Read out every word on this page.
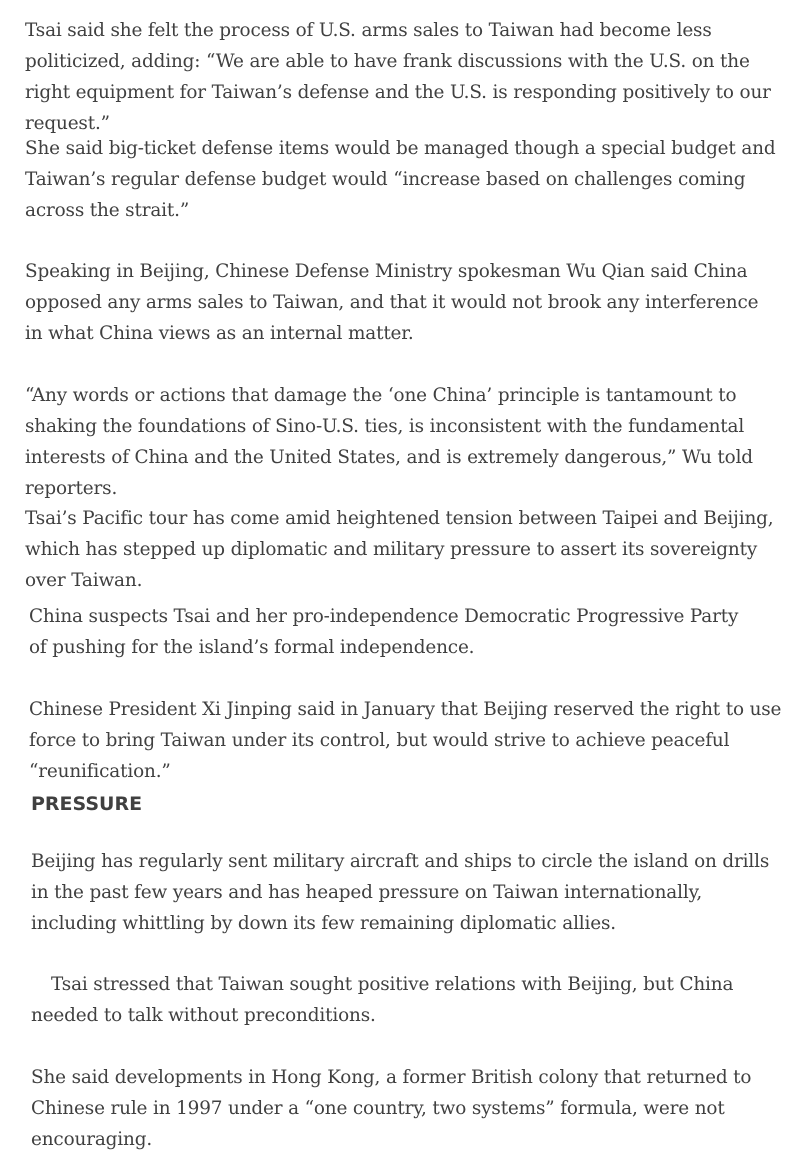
Tsai said she felt the process of U.S. arms sales to Taiwan had become less politicized, adding: “We are able to have frank discussions with the U.S. on the right equipment for Taiwan’s defense and the U.S. is responding positively to our request.”

She said big-ticket defense items would be managed though a special budget and Taiwan’s regular defense budget would “increase based on challenges coming across the strait.”

Speaking in Beijing, Chinese Defense Ministry spokesman Wu Qian said China opposed any arms sales to Taiwan, and that it would not brook any interference in what China views as an internal matter.

“Any words or actions that damage the ‘one China’ principle is tantamount to shaking the foundations of Sino-U.S. ties, is inconsistent with the fundamental interests of China and the United States, and is extremely dangerous,” Wu told reporters.

Tsai’s Pacific tour has come amid heightened tension between Taipei and Beijing, which has stepped up diplomatic and military pressure to assert its sovereignty over Taiwan.

China suspects Tsai and her pro-independence Democratic Progressive Party of pushing for the island’s formal independence.

Chinese President Xi Jinping said in January that Beijing reserved the right to use force to bring Taiwan under its control, but would strive to achieve peaceful “reunification.”

PRESSURE

Beijing has regularly sent military aircraft and ships to circle the island on drills in the past few years and has heaped pressure on Taiwan internationally, including whittling by down its few remaining diplomatic allies.

Tsai stressed that Taiwan sought positive relations with Beijing, but China needed to talk without preconditions.

She said developments in Hong Kong, a former British colony that returned to Chinese rule in 1997 under a “one country, two systems” formula, were not encouraging.
